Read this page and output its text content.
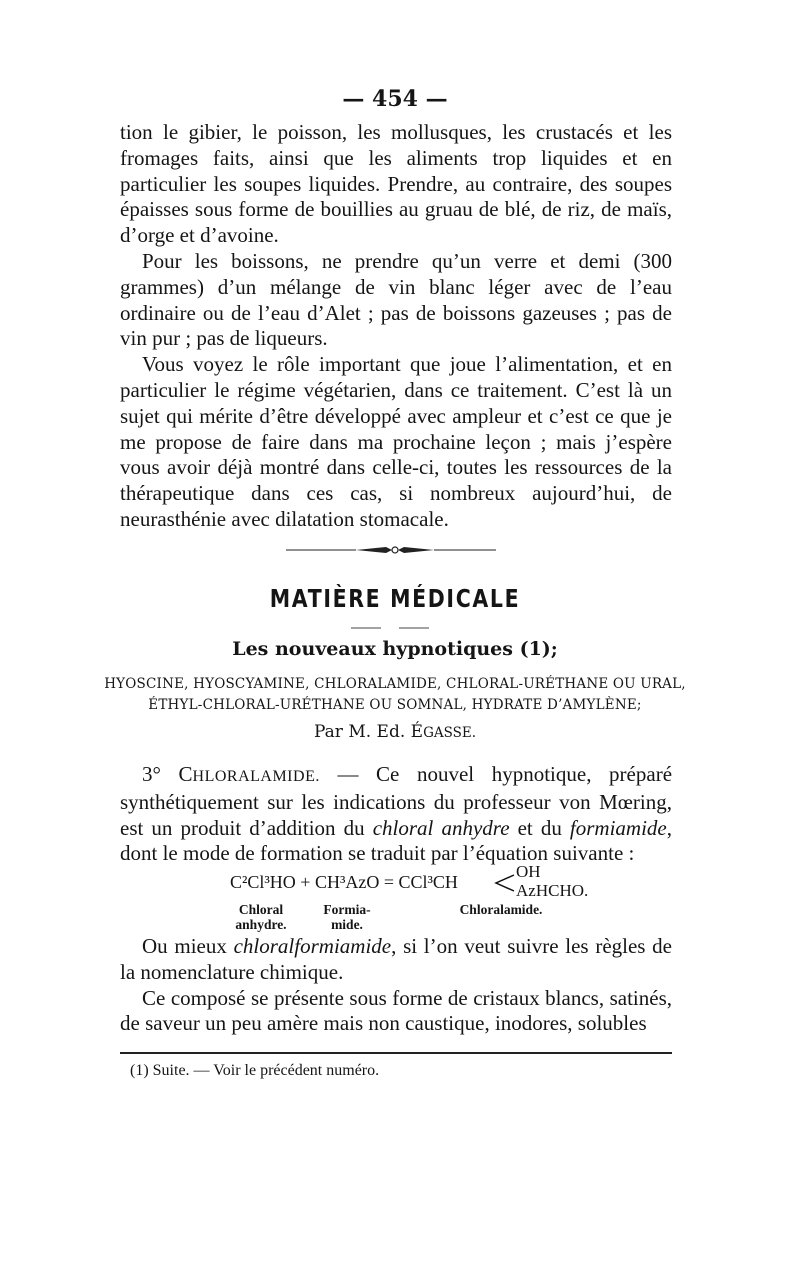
— 454 —

tion le gibier, le poisson, les mollusques, les crustacés et les fromages faits, ainsi que les aliments trop liquides et en particulier les soupes liquides. Prendre, au contraire, des soupes épaisses sous forme de bouillies au gruau de blé, de riz, de maïs, d’orge et d’avoine.

Pour les boissons, ne prendre qu’un verre et demi (300 grammes) d’un mélange de vin blanc léger avec de l’eau ordinaire ou de l’eau d’Alet ; pas de boissons gazeuses ; pas de vin pur ; pas de liqueurs.

Vous voyez le rôle important que joue l’alimentation, et en particulier le régime végétarien, dans ce traitement. C’est là un sujet qui mérite d’être développé avec ampleur et c’est ce que je me propose de faire dans ma prochaine leçon ; mais j’espère vous avoir déjà montré dans celle-ci, toutes les ressources de la thérapeutique dans ces cas, si nombreux aujourd’hui, de neurasthénie avec dilatation stomacale.

MATIÈRE MÉDICALE
Les nouveaux hypnotiques (1);
HYOSCINE, HYOSCYAMINE, CHLORALAMIDE, CHLORAL-URÉTHANE OU URAL,
ÉTHYL-CHLORAL-URÉTHANE OU SOMNAL, HYDRATE D’AMYLÈNE;
Par M. Ed. ÉGASSE.

3° CHLORALAMIDE. — Ce nouvel hypnotique, préparé synthétiquement sur les indications du professeur von Mœring, est un produit d’addition du chloral anhydre et du formiamide, dont le mode de formation se traduit par l’équation suivante :

C²Cl³HO + CH³AzO = CCl³CH
OH
AzHCHO.
Chloral
anhydre.
Formia-
mide.
Chloralamide.

Ou mieux chloralformiamide, si l’on veut suivre les règles de la nomenclature chimique.

Ce composé se présente sous forme de cristaux blancs, satinés, de saveur un peu amère mais non caustique, inodores, solubles

(1) Suite. — Voir le précédent numéro.
